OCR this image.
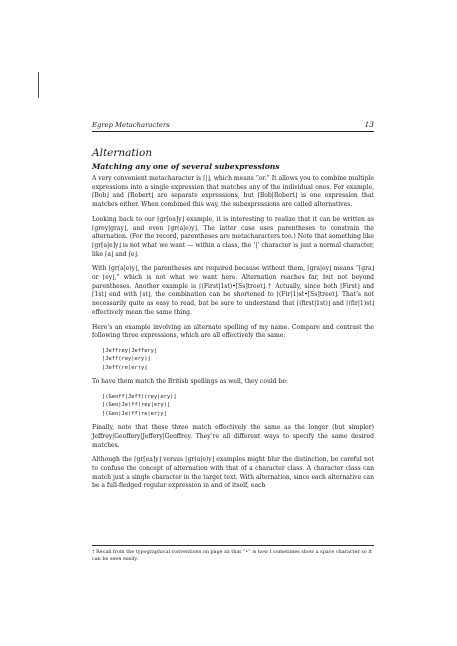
Egrep Metacharacters	13
Alternation
Matching any one of several subexpressions

A very convenient metacharacter is ⌈|⌋, which means “or.” It allows you to combine multiple expressions into a single expression that matches any of the individual ones. For example, ⌈Bob⌋ and ⌈Robert⌋ are separate expressions, but ⌈Bob|Robert⌋ is one expression that matches either. When combined this way, the subexpressions are called alternatives.

Looking back to our ⌈gr[ea]y⌋ example, it is interesting to realize that it can be written as ⌈grey|gray⌋, and even ⌈gr(a|e)y⌋. The latter case uses parentheses to constrain the alternation. (For the record, parentheses are metacharacters too.) Note that something like ⌈gr[a|e]y⌋ is not what we want — within a class, the ‘|’ character is just a normal character, like ⌈a⌋ and ⌈e⌋.

With ⌈gr(a|e)y⌋, the parentheses are required because without them, ⌈gra|ey⌋ means “⌈gra⌋ or ⌈ey⌋,” which is not what we want here. Alternation reaches far, but not beyond parentheses. Another example is ⌈(First|1st)•[Ss]treet⌋.† Actually, since both ⌈First⌋ and ⌈1st⌋ end with ⌈st⌋, the combination can be shortened to ⌈(Fir|1)st•[Ss]treet⌋. That’s not necessarily quite as easy to read, but be sure to understand that ⌈(first|1st)⌋ and ⌈(fir|1)st⌋ effectively mean the same thing.

Here’s an example involving an alternate spelling of my name. Compare and contrast the following three expressions, which are all effectively the same:

⌈Jeffrey|Jeffery⌋
⌈Jeff(rey|ery)⌋
⌈Jeff(re|er)y⌋

To have them match the British spellings as well, they could be:

⌈(Geoff|Jeff)(rey|ery)⌋
⌈(Geo|Je)ff(rey|ery)⌋
⌈(Geo|Je)ff(re|er)y⌋

Finally, note that these three match effectively the same as the longer (but simpler) Jeffrey|Geoffery|Jeffery|Geoffrey. They’re all different ways to specify the same desired matches.

Although the ⌈gr[ea]y⌋ versus ⌈gr(a|e)y⌋ examples might blur the distinction, be careful not to confuse the concept of alternation with that of a character class. A character class can match just a single character in the target text. With alternation, since each alternative can be a full-fledged regular expression in and of itself, each

† Recall from the typographical conventions on page xx that “•” is how I sometimes show a space character so it can be seen easily.
